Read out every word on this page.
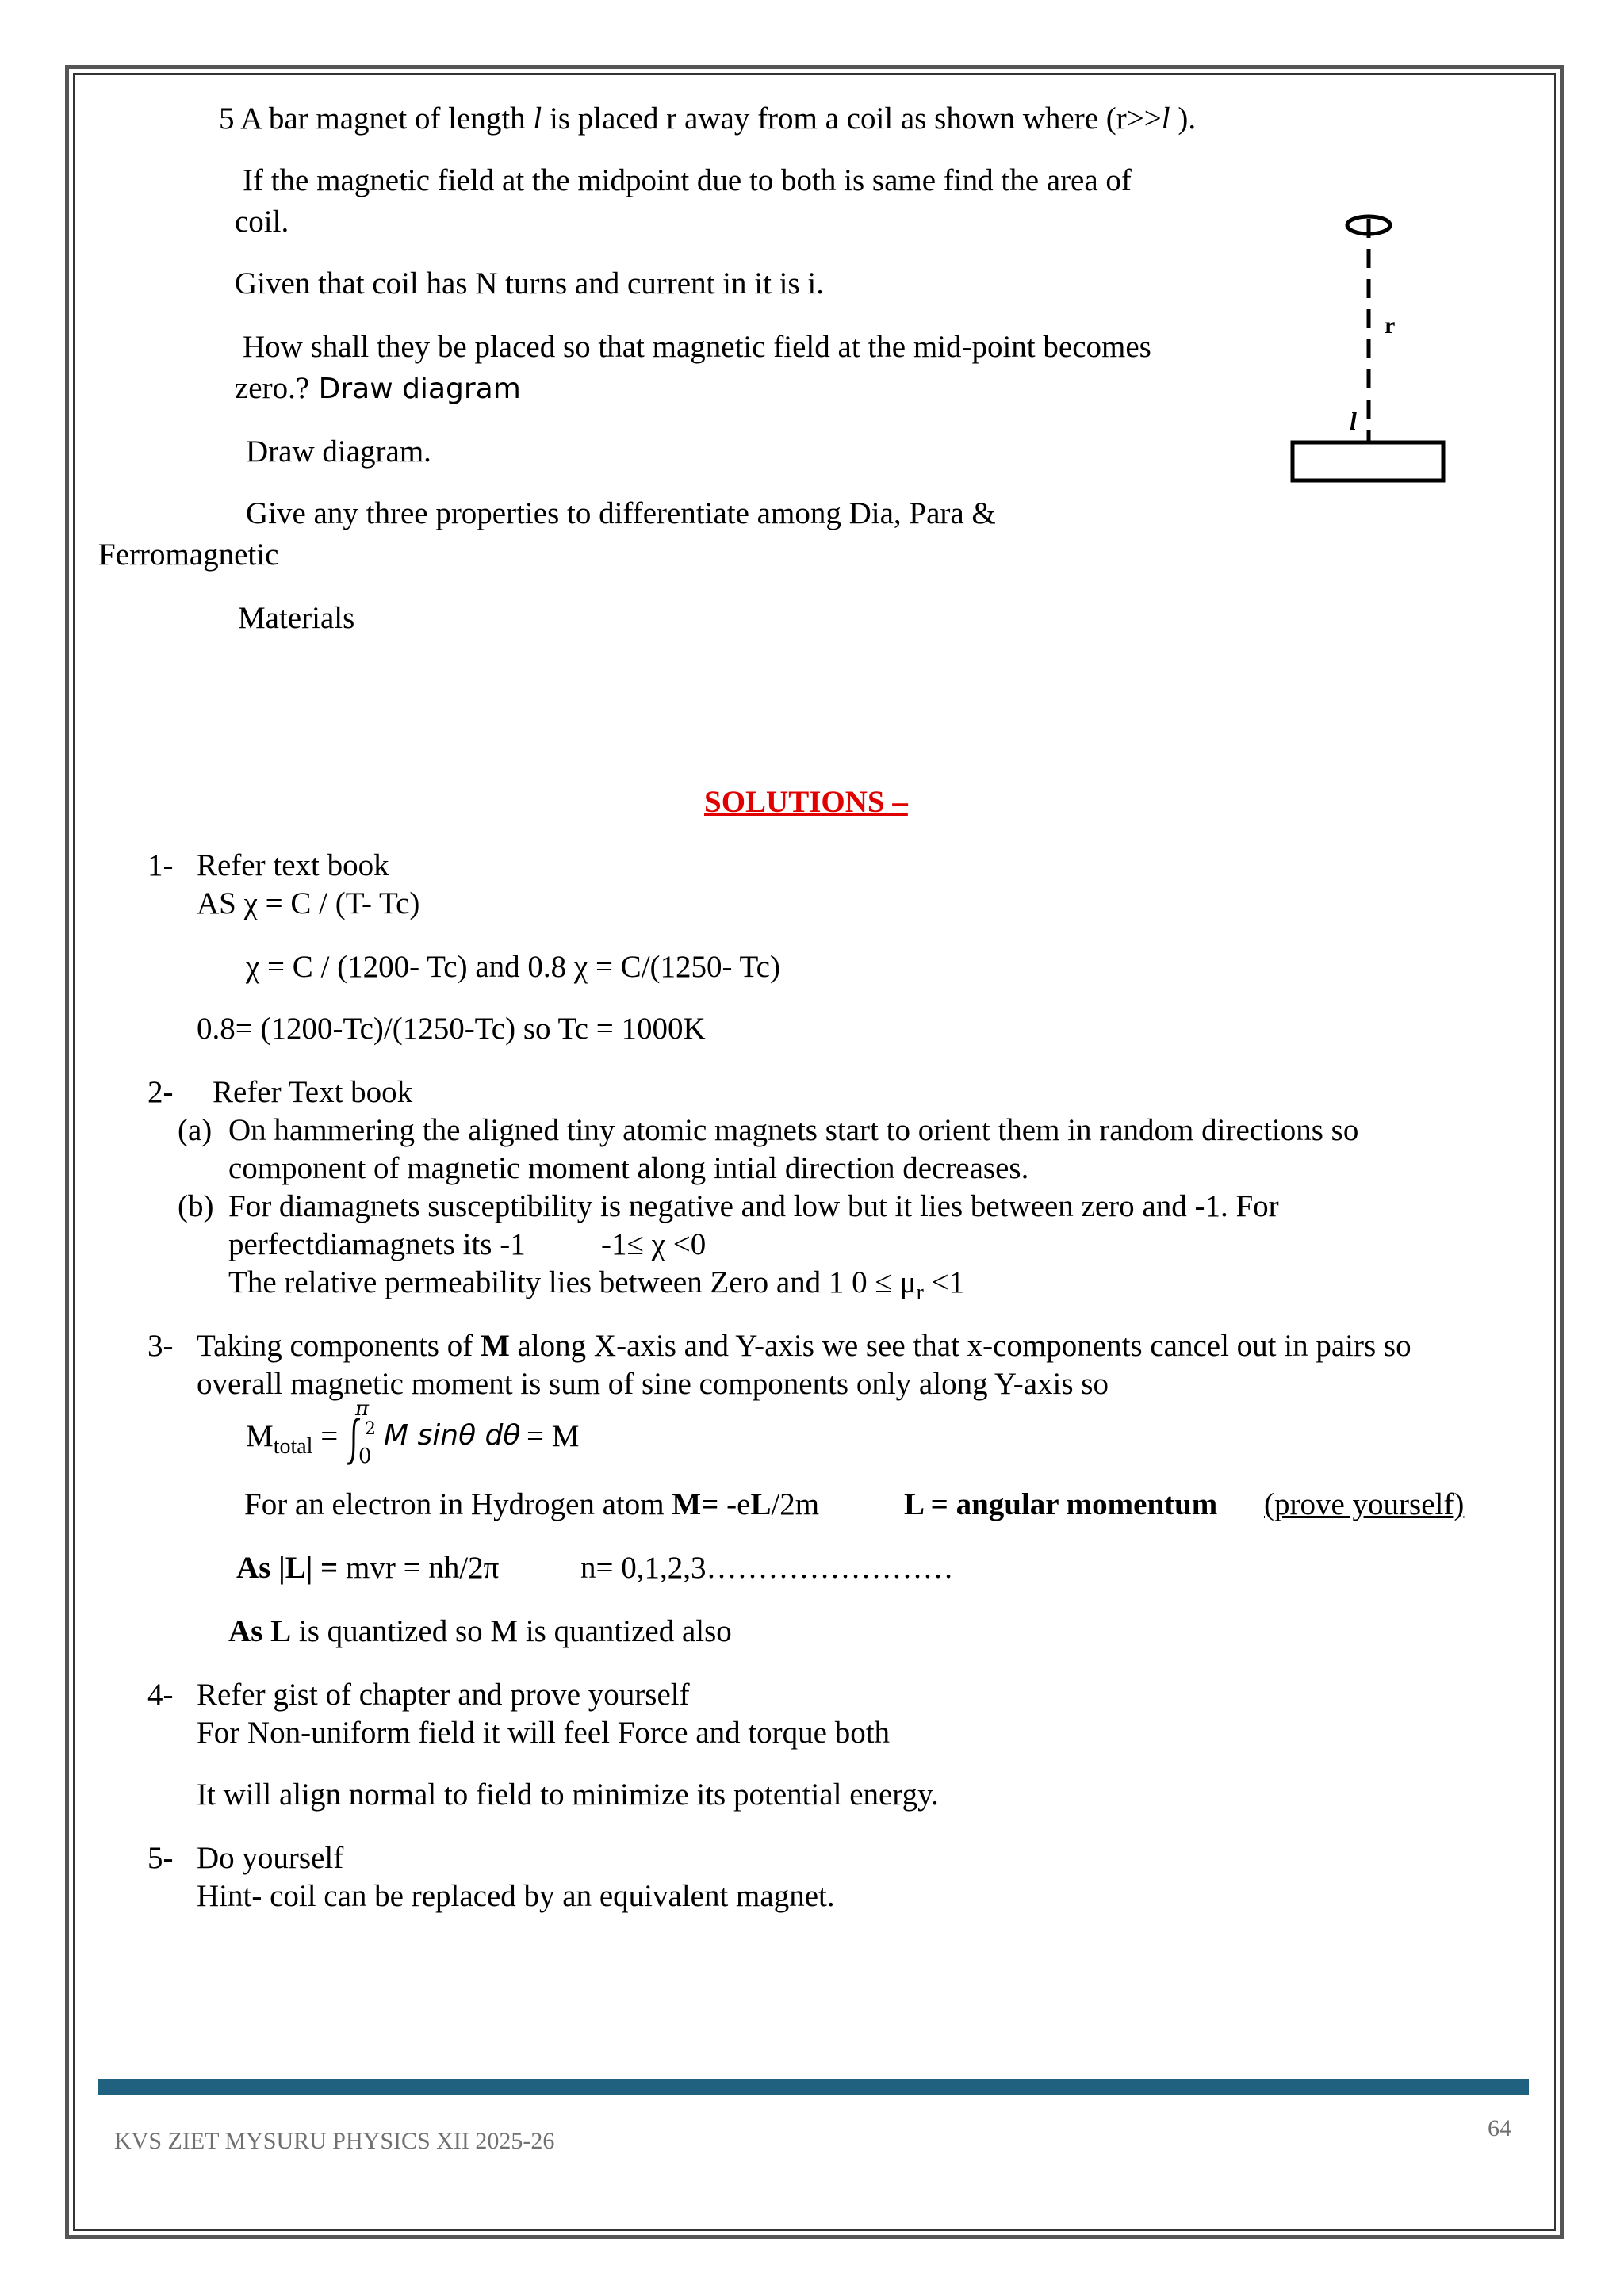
5 A bar magnet of length l is placed r away from a coil as shown where (r>>l ).
If the magnetic field at the midpoint due to both is same find the area of
coil.
Given that coil has N turns and current in it is i.
How shall they be placed so that magnetic field at the mid-point becomes
zero.? Draw diagram
Draw diagram.
Give any three properties to differentiate among Dia, Para &
Ferromagnetic
Materials
r
l
SOLUTIONS –
1- Refer text book
AS χ = C / (T- Tc)
χ = C / (1200- Tc) and 0.8 χ = C/(1250- Tc)
0.8= (1200-Tc)/(1250-Tc) so Tc = 1000K
2- Refer Text book
(a) On hammering the aligned tiny atomic magnets start to orient them in random directions so
component of magnetic moment along intial direction decreases.
(b) For diamagnets susceptibility is negative and low but it lies between zero and -1. For
perfectdiamagnets its -1 -1≤ χ <0
The relative permeability lies between Zero and 1 $0 \le \mu_r <1$
3- Taking components of M along X-axis and Y-axis we see that x-components cancel out in pairs so
overall magnetic moment is sum of sine components only along Y-axis so
$M_{total}$ =
π
2
0
M sinθ dθ = M
For an electron in Hydrogen atom M= -eL/2m	L = angular momentum (prove yourself)
As |L| = mvr = nh/2π	n= 0,1,2,3……………………
As L is quantized so M is quantized also
4- Refer gist of chapter and prove yourself
For Non-uniform field it will feel Force and torque both
It will align normal to field to minimize its potential energy.
5- Do yourself
Hint- coil can be replaced by an equivalent magnet.
KVS ZIET MYSURU PHYSICS XII 2025-26	64
